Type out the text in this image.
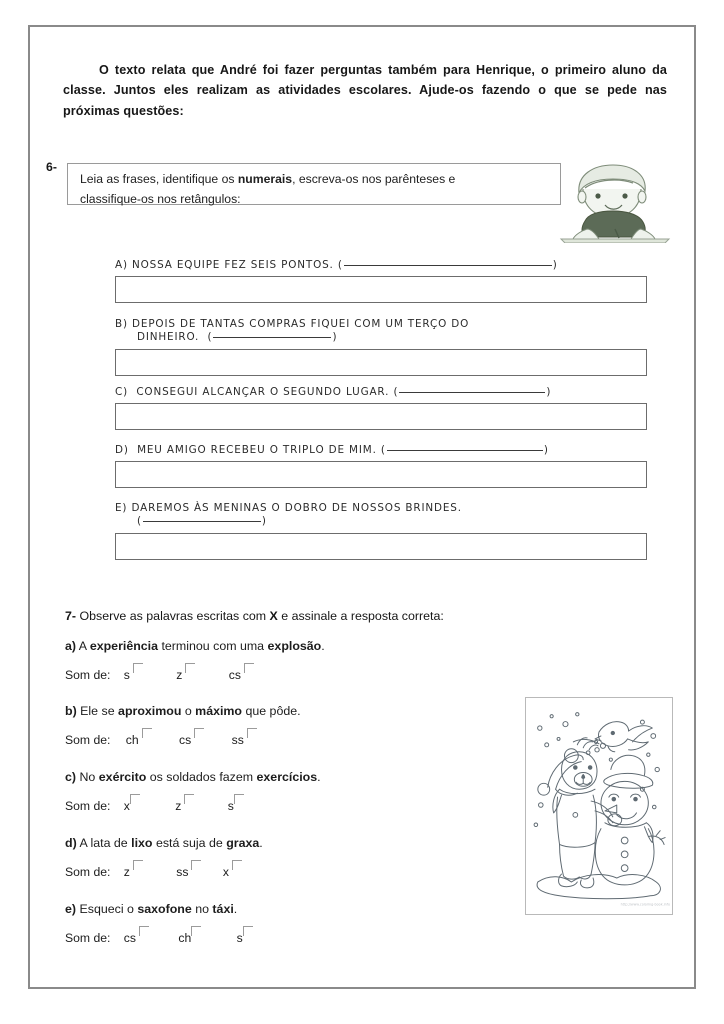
O texto relata que André foi fazer perguntas também para Henrique, o primeiro aluno da classe. Juntos eles realizam as atividades escolares. Ajude-os fazendo o que se pede nas próximas questões:
6-

Leia as frases, identifique os numerais, escreva-os nos parênteses e
classifique-os nos retângulos:

A) NOSSA EQUIPE FEZ SEIS PONTOS. (	)
B) DEPOIS DE TANTAS COMPRAS FIQUEI COM UM TERÇO DO
DINHEIRO.  (	)
C) CONSEGUI ALCANÇAR O SEGUNDO LUGAR. (	)
D) MEU AMIGO RECEBEU O TRIPLO DE MIM. (	)
E) DAREMOS ÀS MENINAS O DOBRO DE NOSSOS BRINDES.
(	)
7- Observe as palavras escritas com X e assinale a resposta correta:
a) A experiência terminou com uma explosão.
Som de: s	z	cs
b) Ele se aproximou o máximo que pôde.
Som de: ch	cs	ss
c) No exército os soldados fazem exercícios.
Som de: x	z	s
d) A lata de lixo está suja de graxa.
Som de: z	ss	x
e) Esqueci o saxofone no táxi.
Som de: cs	ch	s
http://www.coloring-book.info
